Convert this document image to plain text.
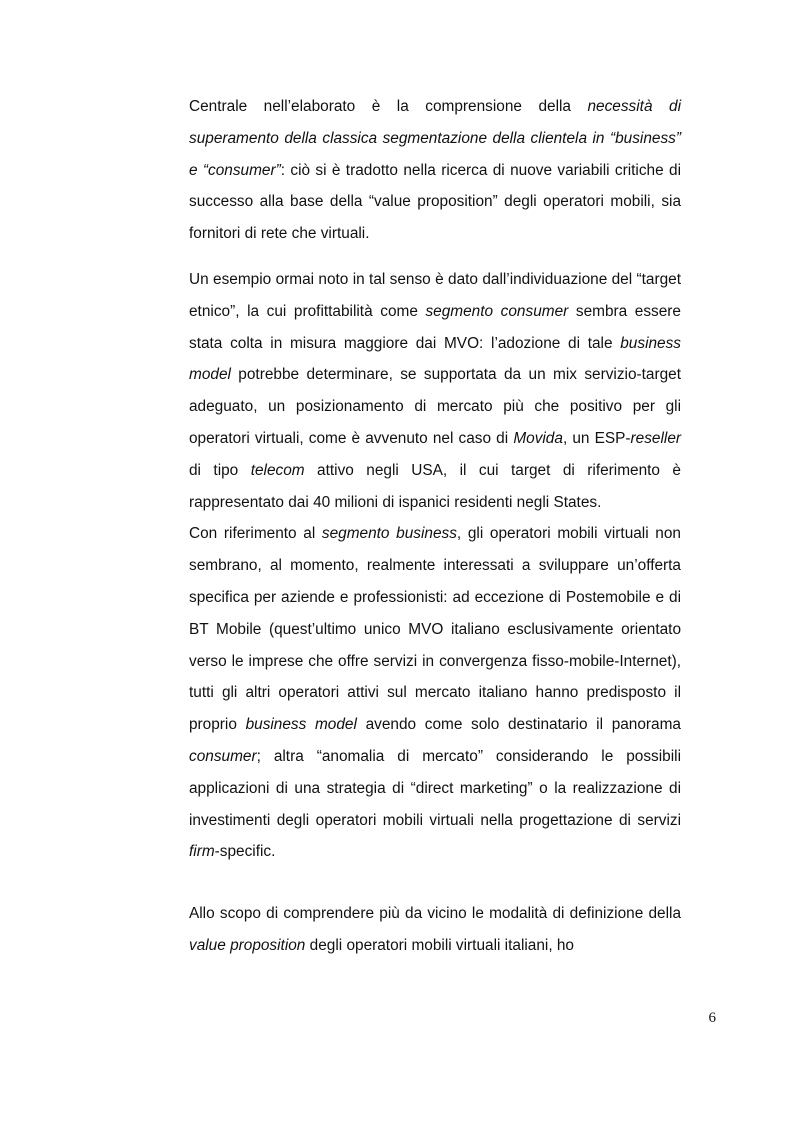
Centrale nell’elaborato è la comprensione della necessità di superamento della classica segmentazione della clientela in “business” e “consumer”: ciò si è tradotto nella ricerca di nuove variabili critiche di successo alla base della “value proposition” degli operatori mobili, sia fornitori di rete che virtuali.

Un esempio ormai noto in tal senso è dato dall’individuazione del “target etnico”, la cui profittabilità come segmento consumer sembra essere stata colta in misura maggiore dai MVO: l’adozione di tale business model potrebbe determinare, se supportata da un mix servizio-target adeguato, un posizionamento di mercato più che positivo per gli operatori virtuali, come è avvenuto nel caso di Movida, un ESP-reseller di tipo telecom attivo negli USA, il cui target di riferimento è rappresentato dai 40 milioni di ispanici residenti negli States.

Con riferimento al segmento business, gli operatori mobili virtuali non sembrano, al momento, realmente interessati a sviluppare un’offerta specifica per aziende e professionisti: ad eccezione di Postemobile e di BT Mobile (quest’ultimo unico MVO italiano esclusivamente orientato verso le imprese che offre servizi in convergenza fisso-mobile-Internet), tutti gli altri operatori attivi sul mercato italiano hanno predisposto il proprio business model avendo come solo destinatario il panorama consumer; altra “anomalia di mercato” considerando le possibili applicazioni di una strategia di “direct marketing” o la realizzazione di investimenti degli operatori mobili virtuali nella progettazione di servizi firm-specific.

Allo scopo di comprendere più da vicino le modalità di definizione della value proposition degli operatori mobili virtuali italiani, ho

6
